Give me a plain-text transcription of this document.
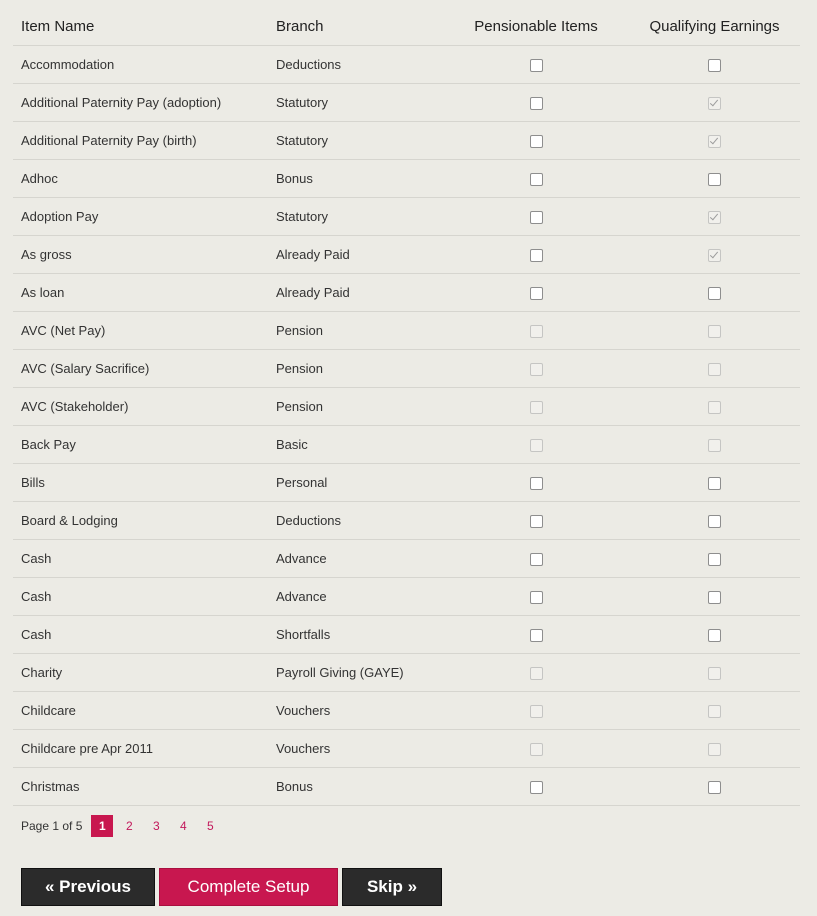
Item Name	Branch	Pensionable Items	Qualifying Earnings
Accommodation	Deductions		
Additional Paternity Pay (adoption)	Statutory		
Additional Paternity Pay (birth)	Statutory		
Adhoc	Bonus		
Adoption Pay	Statutory		
As gross	Already Paid		
As loan	Already Paid		
AVC (Net Pay)	Pension		
AVC (Salary Sacrifice)	Pension		
AVC (Stakeholder)	Pension		
Back Pay	Basic		
Bills	Personal		
Board & Lodging	Deductions		
Cash	Advance		
Cash	Advance		
Cash	Shortfalls		
Charity	Payroll Giving (GAYE)		
Childcare	Vouchers		
Childcare pre Apr 2011	Vouchers		
Christmas	Bonus		
Page 1 of 5	1	2	3	4	5
« Previous	Complete Setup	Skip »
